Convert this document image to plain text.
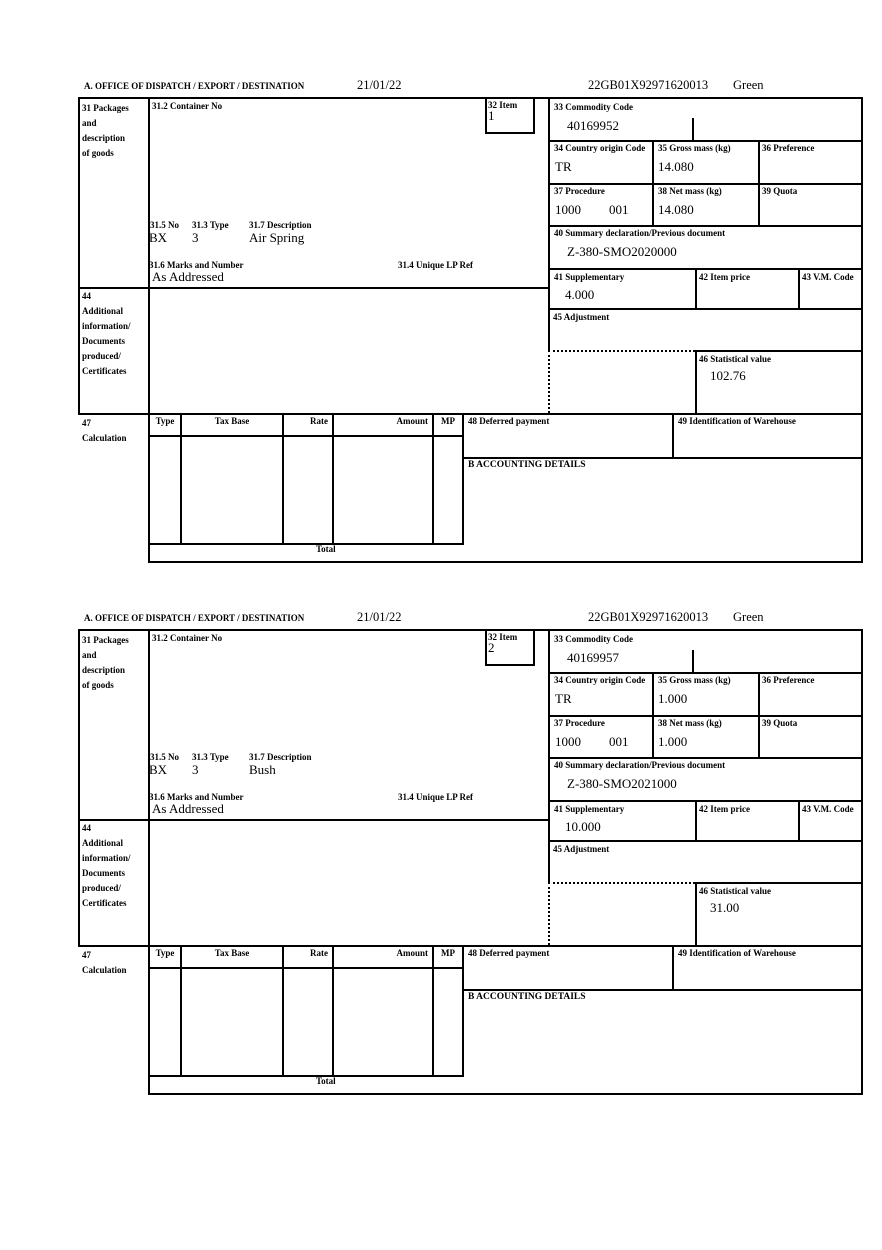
A. OFFICE OF DISPATCH / EXPORT / DESTINATION	21/01/22	22GB01X92971620013 Green
31 Packages
and
description
of goods
31.2 Container No	32 Item
1
33 Commodity Code
40169952
34 Country origin Code
TR
35 Gross mass (kg)
14.080
36 Preference
37 Procedure
1000 001
38 Net mass (kg)
14.080
39 Quota
31.5 No 31.3 Type 31.7 Description
BX 3	Air Spring
31.6 Marks and Number	31.4 Unique LP Ref
As Addressed
40 Summary declaration/Previous document
Z-380-SMO2020000
41 Supplementary
4.000
42 Item price	43 V.M. Code
45 Adjustment
46 Statistical value
102.76
44
Additional
information/
Documents
produced/
Certificates
47
Calculation
Type	Tax Base	Rate	Amount	MP	48 Deferred payment	49 Identification of Warehouse
B ACCOUNTING DETAILS
Total
A. OFFICE OF DISPATCH / EXPORT / DESTINATION	21/01/22	22GB01X92971620013 Green
31 Packages
and
description
of goods
31.2 Container No	32 Item
2
33 Commodity Code
40169957
34 Country origin Code
TR
35 Gross mass (kg)
1.000
36 Preference
37 Procedure
1000 001
38 Net mass (kg)
1.000
39 Quota
31.5 No 31.3 Type 31.7 Description
BX 3	Bush
31.6 Marks and Number	31.4 Unique LP Ref
As Addressed
40 Summary declaration/Previous document
Z-380-SMO2021000
41 Supplementary
10.000
42 Item price	43 V.M. Code
45 Adjustment
46 Statistical value
31.00
44
Additional
information/
Documents
produced/
Certificates
47
Calculation
Type	Tax Base	Rate	Amount	MP	48 Deferred payment	49 Identification of Warehouse
B ACCOUNTING DETAILS
Total
